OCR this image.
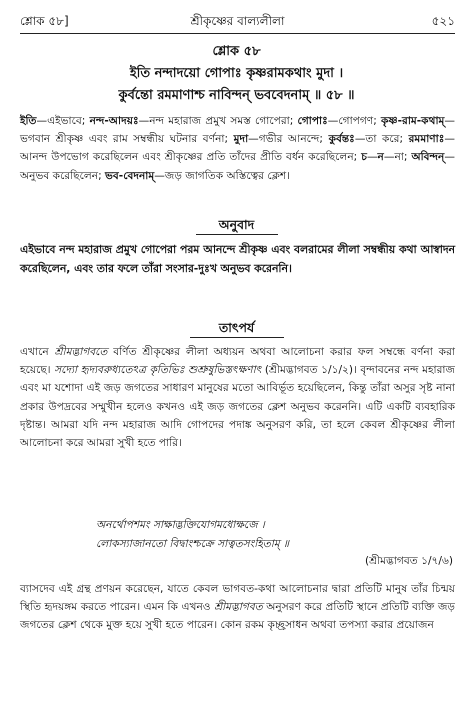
শ্লোক ৫৮]	শ্রীকৃষ্ণের বাল্যলীলা	৫২১
শ্লোক ৫৮
ইতি নন্দাদয়ো গোপাঃ কৃষ্ণরামকথাং মুদা ।
কুর্বন্তো রমমাণাশ্চ নাবিন্দন্ ভববেদনাম্ ॥ ৫৮ ॥
ইতি—এইভাবে; নন্দ-আদয়ঃ—নন্দ মহারাজ প্রমুখ সমস্ত গোপেরা; গোপাঃ—গোপগণ; কৃষ্ণ-রাম-কথাম্—ভগবান শ্রীকৃষ্ণ এবং রাম সম্বন্ধীয় ঘটনার বর্ণনা; মুদা—গভীর আনন্দে; কুর্বন্তঃ—তা করে; রমমাণাঃ—আনন্দ উপভোগ করেছিলেন এবং শ্রীকৃষ্ণের প্রতি তাঁদের প্রীতি বর্ধন করেছিলেন; চ—ন—না; অবিন্দন্—অনুভব করেছিলেন; ভব-বেদনাম্—জড় জাগতিক অস্তিত্বের ক্লেশ।
অনুবাদ
এইভাবে নন্দ মহারাজ প্রমুখ গোপেরা পরম আনন্দে শ্রীকৃষ্ণ এবং বলরামের লীলা সম্বন্ধীয় কথা আস্বাদন করেছিলেন, এবং তার ফলে তাঁরা সংসার-দুঃখ অনুভব করেননি।
তাৎপর্য
এখানে শ্রীমদ্ভাগবতে বর্ণিত শ্রীকৃষ্ণের লীলা অধ্যয়ন অথবা আলোচনা করার ফল সম্বন্ধে বর্ণনা করা হয়েছে। সদ্যো হৃদ্যবরুধ্যতেঽত্র কৃতিভিঃ শুশ্রুষুভিস্তৎক্ষণাৎ (শ্রীমদ্ভাগবত ১/১/২)। বৃন্দাবনের নন্দ মহারাজ এবং মা যশোদা এই জড় জগতের সাধারণ মানুষের মতো আবির্ভূত হয়েছিলেন, কিন্তু তাঁরা অসুর সৃষ্ট নানা প্রকার উপদ্রবের সম্মুখীন হলেও কখনও এই জড় জগতের ক্লেশ অনুভব করেননি। এটি একটি ব্যবহারিক দৃষ্টান্ত। আমরা যদি নন্দ মহারাজ আদি গোপদের পদাঙ্ক অনুসরণ করি, তা হলে কেবল শ্রীকৃষ্ণের লীলা আলোচনা করে আমরা সুখী হতে পারি।
অনর্থোপশমং সাক্ষাদ্ভক্তিযোগমধোক্ষজে ।
লোকস্যাজানতো বিদ্বাংশ্চক্রে সাত্বতসংহিতাম্ ॥
(শ্রীমদ্ভাগবত ১/৭/৬)
ব্যাসদেব এই গ্রন্থ প্রণয়ন করেছেন, যাতে কেবল ভাগবত-কথা আলোচনার দ্বারা প্রতিটি মানুষ তাঁর চিন্ময় স্থিতি হৃদয়ঙ্গম করতে পারেন। এমন কি এখনও শ্রীমদ্ভাগবত অনুসরণ করে প্রতিটি স্থানে প্রতিটি ব্যক্তি জড় জগতের ক্লেশ থেকে মুক্ত হয়ে সুখী হতে পারেন। কোন রকম কৃচ্ছ্রসাধন অথবা তপস্যা করার প্রয়োজন
